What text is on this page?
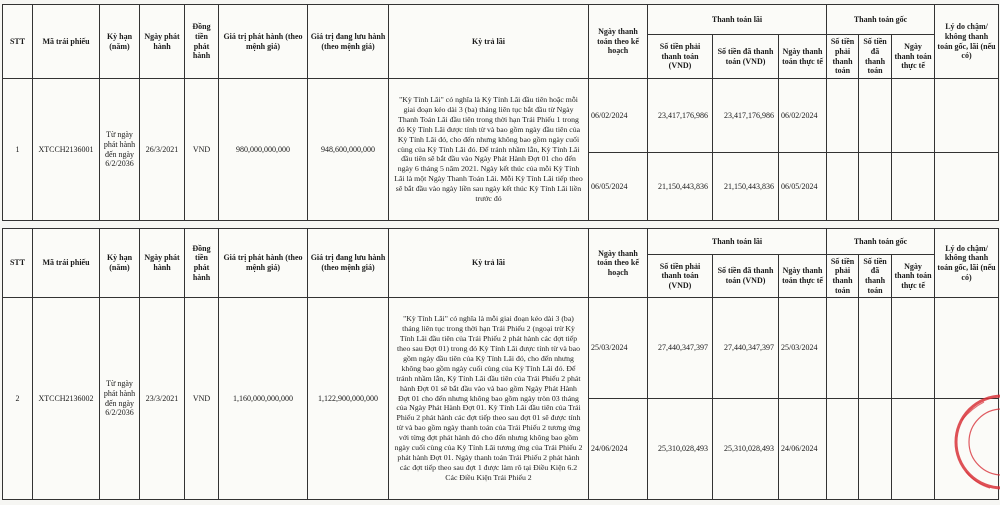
STT	Mã trái phiếu	Kỳ hạn (năm)	Ngày phát hành	Đồng tiền phát hành	Giá trị phát hành (theo mệnh giá)	Giá trị đang lưu hành (theo mệnh giá)	Kỳ trả lãi	Ngày thanh toán theo kế hoạch	Thanh toán lãi			Thanh toán gốc			Lý do chậm/ không thanh toán gốc, lãi (nếu có)
									Số tiền phải thanh toán (VND)	Số tiền đã thanh toán (VND)	Ngày thanh toán thực tế	Số tiền phải thanh toán	Số tiền đã thanh toán	Ngày thanh toán thực tế	
1	XTCCH2136001	Từ ngày phát hành đến ngày 6/2/2036	26/3/2021	VND	980,000,000,000	948,600,000,000	"Kỳ Tính Lãi" có nghĩa là Kỳ Tính Lãi đầu tiên hoặc mỗi giai đoạn kéo dài 3 (ba) tháng liên tục bắt đầu từ Ngày Thanh Toán Lãi đầu tiên trong thời hạn Trái Phiếu 1 trong đó Kỳ Tính Lãi được tính từ và bao gồm ngày đầu tiên của Kỳ Tính Lãi đó, cho đến nhưng không bao gồm ngày cuối cùng của Kỳ Tính Lãi đó. Để tránh nhầm lẫn, Kỳ Tính Lãi đầu tiên sẽ bắt đầu vào Ngày Phát Hành Đợt 01 cho đến ngày 6 tháng 5 năm 2021. Ngày kết thúc của mỗi Kỳ Tính Lãi là một Ngày Thanh Toán Lãi. Mỗi Kỳ Tính Lãi tiếp theo sẽ bắt đầu vào ngày liền sau ngày kết thúc Kỳ Tính Lãi liền trước đó	06/02/2024	23,417,176,986	23,417,176,986	06/02/2024				
								06/05/2024	21,150,443,836	21,150,443,836	06/05/2024				
STT	Mã trái phiếu	Kỳ hạn (năm)	Ngày phát hành	Đồng tiền phát hành	Giá trị phát hành (theo mệnh giá)	Giá trị đang lưu hành (theo mệnh giá)	Kỳ trả lãi	Ngày thanh toán theo kế hoạch	Thanh toán lãi			Thanh toán gốc			Lý do chậm/ không thanh toán gốc, lãi (nếu có)
									Số tiền phải thanh toán (VND)	Số tiền đã thanh toán (VND)	Ngày thanh toán thực tế	Số tiền phải thanh toán	Số tiền đã thanh toán	Ngày thanh toán thực tế	
2	XTCCH2136002	Từ ngày phát hành đến ngày 6/2/2036	23/3/2021	VND	1,160,000,000,000	1,122,900,000,000	"Kỳ Tính Lãi" có nghĩa là mỗi giai đoạn kéo dài 3 (ba) tháng liên tục trong thời hạn Trái Phiếu 2 (ngoại trừ Kỳ Tính Lãi đầu tiên của Trái Phiếu 2 phát hành các đợt tiếp theo sau Đợt 01) trong đó Kỳ Tính Lãi được tính từ và bao gồm ngày đầu tiên của Kỳ Tính Lãi đó, cho đến nhưng không bao gồm ngày cuối cùng của Kỳ Tính Lãi đó. Để tránh nhầm lẫn, Kỳ Tính Lãi đầu tiên của Trái Phiếu 2 phát hành Đợt 01 sẽ bắt đầu vào và bao gồm Ngày Phát Hành Đợt 01 cho đến nhưng không bao gồm ngày tròn 03 tháng của Ngày Phát Hành Đợt 01. Kỳ Tính Lãi đầu tiên của Trái Phiếu 2 phát hành các đợt tiếp theo sau đợt 01 sẽ được tính từ và bao gồm ngày thanh toán của Trái Phiếu 2 tương ứng với từng đợt phát hành đó cho đến nhưng không bao gồm ngày cuối cùng của Kỳ Tính Lãi tương ứng của Trái Phiếu 2 phát hành Đợt 01. Ngày thanh toán Trái Phiếu 2 phát hành các đợt tiếp theo sau đợt 1 được làm rõ tại Điều Kiện 6.2 Các Điều Kiện Trái Phiếu 2	25/03/2024	27,440,347,397	27,440,347,397	25/03/2024				
								24/06/2024	25,310,028,493	25,310,028,493	24/06/2024				
